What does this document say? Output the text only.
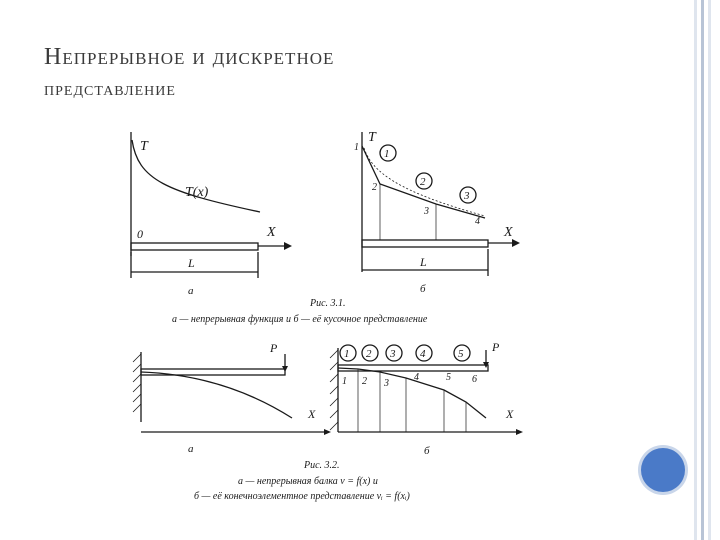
Непрерывное и дискретное
представление
T
T(x)
0	X
L
а
T
1
2
3
4
1
2
3
X
L
б
Рис. 3.1.
а — непрерывная функция и б — её кусочное представление
P
X
а
1 2 3 4	5 P
1 2 3
4	5 6
X
б
Рис. 3.2.
а — непрерывная балка v = f(x) и
б — её конечноэлементное представление vᵢ = f(xᵢ)
